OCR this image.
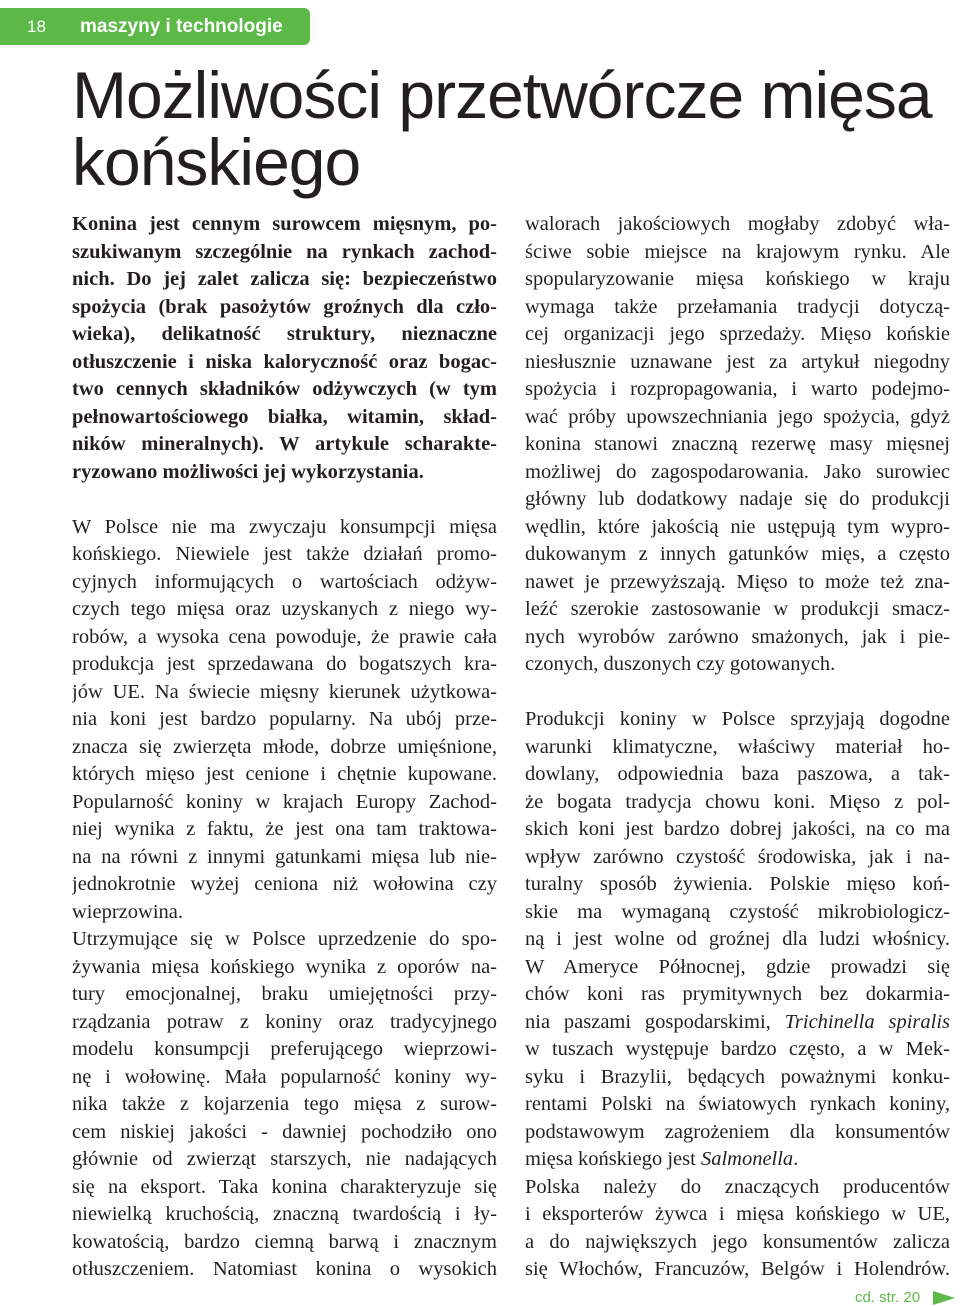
18 maszyny i technologie
Możliwości przetwórcze mięsa
końskiego
Konina jest cennym surowcem mięsnym, po-
szukiwanym szczególnie na rynkach zachod-
nich. Do jej zalet zalicza się: bezpieczeństwo
spożycia (brak pasożytów groźnych dla czło-
wieka), delikatność struktury, nieznaczne
otłuszczenie i niska kaloryczność oraz bogac-
two cennych składników odżywczych (w tym
pełnowartościowego białka, witamin, skład-
ników mineralnych). W artykule scharakte-
ryzowano możliwości jej wykorzystania.
W Polsce nie ma zwyczaju konsumpcji mięsa
końskiego. Niewiele jest także działań promo-
cyjnych informujących o wartościach odżyw-
czych tego mięsa oraz uzyskanych z niego wy-
robów, a wysoka cena powoduje, że prawie cała
produkcja jest sprzedawana do bogatszych kra-
jów UE. Na świecie mięsny kierunek użytkowa-
nia koni jest bardzo popularny. Na ubój prze-
znacza się zwierzęta młode, dobrze umięśnione,
których mięso jest cenione i chętnie kupowane.
Popularność koniny w krajach Europy Zachod-
niej wynika z faktu, że jest ona tam traktowa-
na na równi z innymi gatunkami mięsa lub nie-
jednokrotnie wyżej ceniona niż wołowina czy
wieprzowina.
Utrzymujące się w Polsce uprzedzenie do spo-
żywania mięsa końskiego wynika z oporów na-
tury emocjonalnej, braku umiejętności przy-
rządzania potraw z koniny oraz tradycyjnego
modelu konsumpcji preferującego wieprzowi-
nę i wołowinę. Mała popularność koniny wy-
nika także z kojarzenia tego mięsa z surow-
cem niskiej jakości - dawniej pochodziło ono
głównie od zwierząt starszych, nie nadających
się na eksport. Taka konina charakteryzuje się
niewielką kruchością, znaczną twardością i ły-
kowatością, bardzo ciemną barwą i znacznym
otłuszczeniem. Natomiast konina o wysokich
walorach jakościowych mogłaby zdobyć wła-
ściwe sobie miejsce na krajowym rynku. Ale
spopularyzowanie mięsa końskiego w kraju
wymaga także przełamania tradycji dotyczą-
cej organizacji jego sprzedaży. Mięso końskie
niesłusznie uznawane jest za artykuł niegodny
spożycia i rozpropagowania, i warto podejmo-
wać próby upowszechniania jego spożycia, gdyż
konina stanowi znaczną rezerwę masy mięsnej
możliwej do zagospodarowania. Jako surowiec
główny lub dodatkowy nadaje się do produkcji
wędlin, które jakością nie ustępują tym wypro-
dukowanym z innych gatunków mięs, a często
nawet je przewyższają. Mięso to może też zna-
leźć szerokie zastosowanie w produkcji smacz-
nych wyrobów zarówno smażonych, jak i pie-
czonych, duszonych czy gotowanych.
Produkcji koniny w Polsce sprzyjają dogodne
warunki klimatyczne, właściwy materiał ho-
dowlany, odpowiednia baza paszowa, a tak-
że bogata tradycja chowu koni. Mięso z pol-
skich koni jest bardzo dobrej jakości, na co ma
wpływ zarówno czystość środowiska, jak i na-
turalny sposób żywienia. Polskie mięso koń-
skie ma wymaganą czystość mikrobiologicz-
ną i jest wolne od groźnej dla ludzi włośnicy.
W Ameryce Północnej, gdzie prowadzi się
chów koni ras prymitywnych bez dokarmia-
nia paszami gospodarskimi, Trichinella spiralis
w tuszach występuje bardzo często, a w Mek-
syku i Brazylii, będących poważnymi konku-
rentami Polski na światowych rynkach koniny,
podstawowym zagrożeniem dla konsumentów
mięsa końskiego jest Salmonella.
Polska należy do znaczących producentów
i eksporterów żywca i mięsa końskiego w UE,
a do największych jego konsumentów zalicza
się Włochów, Francuzów, Belgów i Holendrów.
cd. str. 20
